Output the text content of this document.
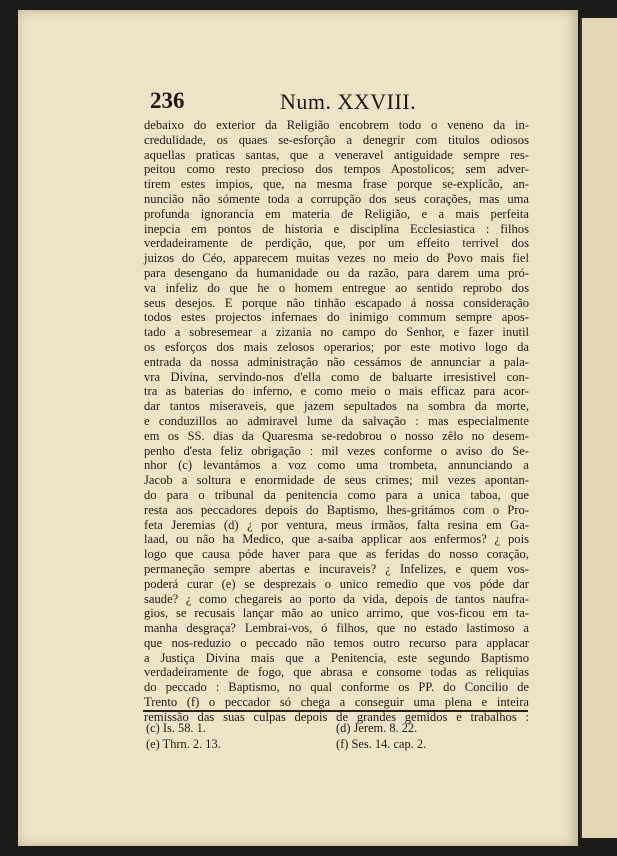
236	Num. XXVIII.
debaixo do exterior da Religião encobrem todo o veneno da in-
credulidade, os quaes se-esforção a denegrir com titulos odiosos
aquellas praticas santas, que a veneravel antiguidade sempre res-
peitou como resto precioso dos tempos Apostolicos; sem adver-
tirem estes impios, que, na mesma frase porque se-explicão, an-
nuncião não sómente toda a corrupção dos seus corações, mas uma
profunda ignorancia em materia de Religião, e a mais perfeita
inepcia em pontos de historia e disciplina Ecclesiastica : filhos
verdadeiramente de perdição, que, por um effeito terrivel dos
juizos do Céo, apparecem muitas vezes no meio do Povo mais fiel
para desengano da humanidade ou da razão, para darem uma pró-
va infeliz do que he o homem entregue ao sentido reprobo dos
seus desejos. E porque não tinhão escapado á nossa consideração
todos estes projectos infernaes do inimigo commum sempre apos-
tado a sobresemear a zizania no campo do Senhor, e fazer inutil
os esforços dos mais zelosos operarios; por este motivo logo da
entrada da nossa administração não cessámos de annunciar a pala-
vra Divina, servindo-nos d'ella como de baluarte irresistivel con-
tra as baterias do inferno, e como meio o mais efficaz para acor-
dar tantos miseraveis, que jazem sepultados na sombra da morte,
e conduzillos ao admiravel lume da salvação : mas especialmente
em os SS. dias da Quaresma se-redobrou o nosso zêlo no desem-
penho d'esta feliz obrigação : mil vezes conforme o aviso do Se-
nhor (c) levantámos a voz como uma trombeta, annunciando a
Jacob a soltura e enormidade de seus crimes; mil vezes apontan-
do para o tribunal da penitencia como para a unica taboa, que
resta aos peccadores depois do Baptismo, lhes-gritámos com o Pro-
feta Jeremias (d) ¿ por ventura, meus irmãos, falta resina em Ga-
laad, ou não ha Medico, que a-saiba applicar aos enfermos? ¿ pois
logo que causa póde haver para que as feridas do nosso coração,
permaneção sempre abertas e incuraveis? ¿ Infelizes, e quem vos-
poderá curar (e) se desprezais o unico remedio que vos póde dar
saude? ¿ como chegareis ao porto da vida, depois de tantos naufra-
gios, se recusais lançar mão ao unico arrimo, que vos-ficou em ta-
manha desgraça? Lembrai-vos, ó filhos, que no estado lastimoso a
que nos-reduzio o peccado não temos outro recurso para applacar
a Justiça Divina mais que a Penitencia, este segundo Baptismo
verdadeiramente de fogo, que abrasa e consome todas as reliquias
do peccado : Baptismo, no qual conforme os PP. do Concilio de
Trento (f) o peccador só chega a conseguir uma plena e inteira
remissão das suas culpas depois de grandes gemidos e trabalhos :
(c) Is. 58. 1.	(d) Jerem. 8. 22.
(e) Thrn. 2. 13.	(f) Ses. 14. cap. 2.
